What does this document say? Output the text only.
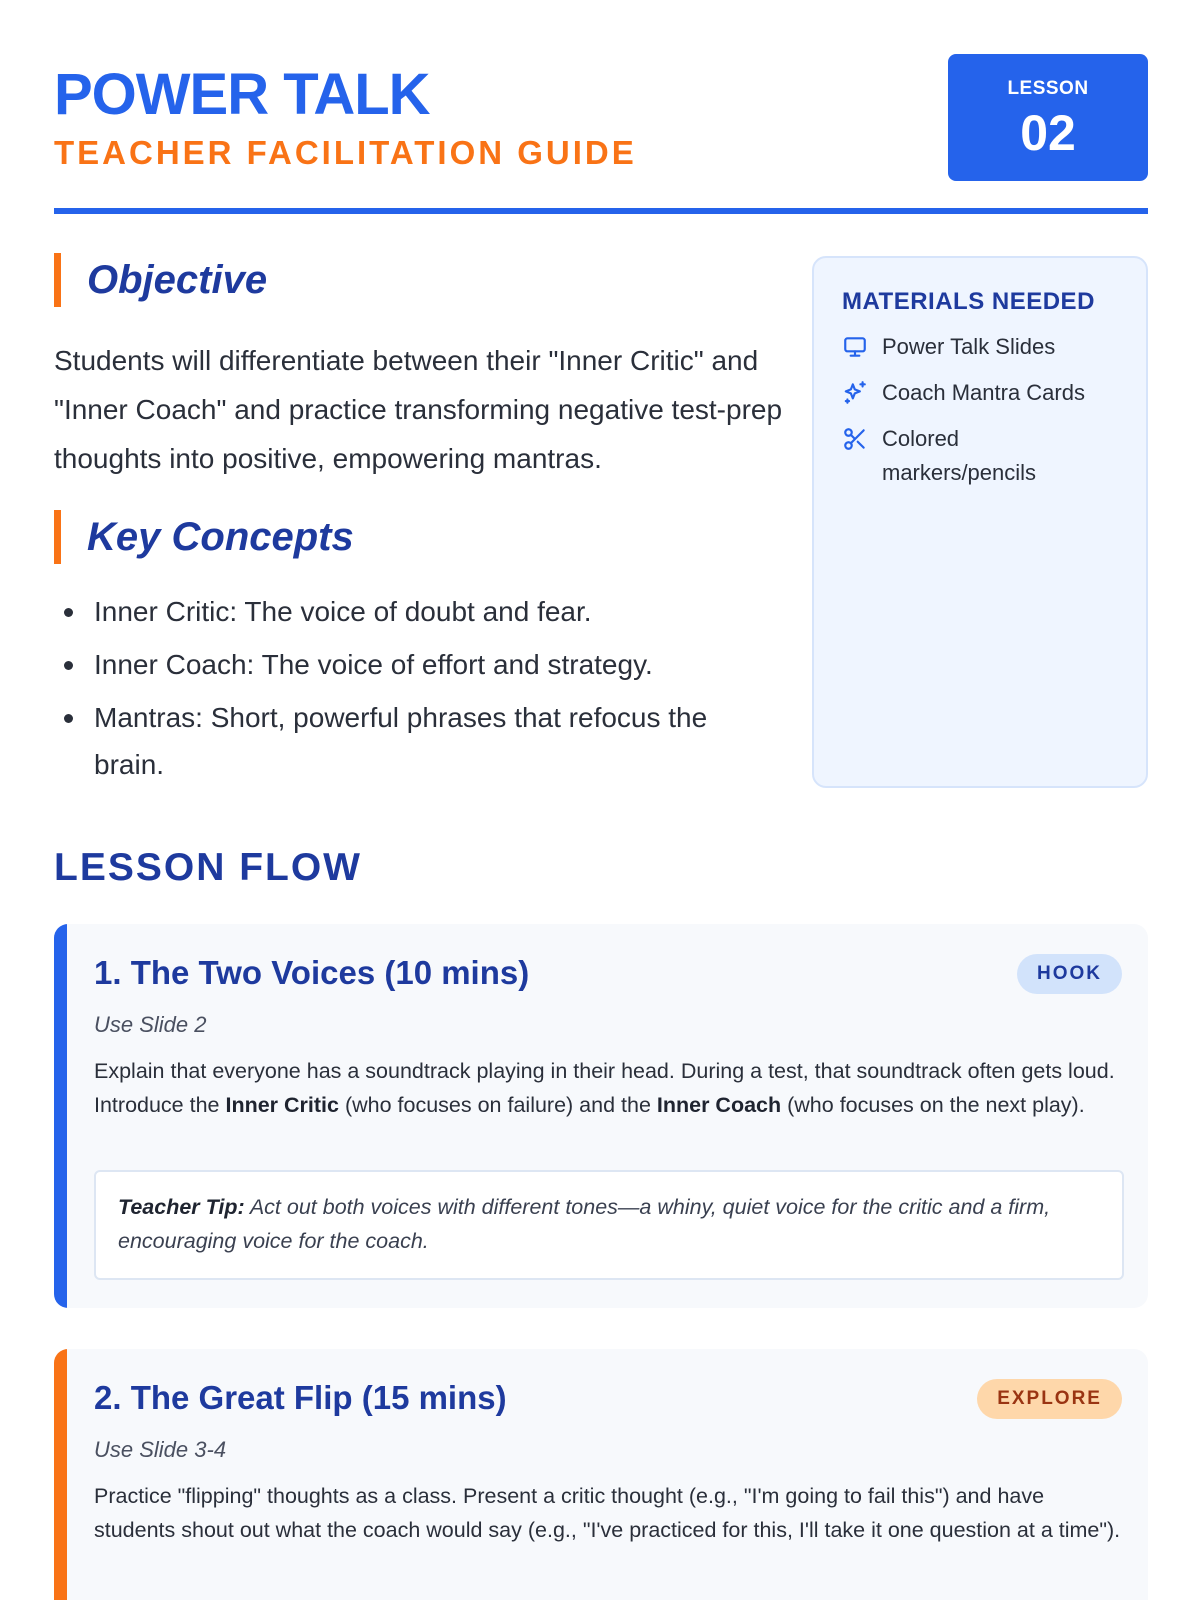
POWER TALK
TEACHER FACILITATION GUIDE
LESSON
02
Objective

Students will differentiate between their "Inner Critic" and "Inner Coach" and practice transforming negative test-prep thoughts into positive, empowering mantras.

Key Concepts
Inner Critic: The voice of doubt and fear.
Inner Coach: The voice of effort and strategy.
Mantras: Short, powerful phrases that refocus the brain.
MATERIALS NEEDED
Power Talk Slides
Coach Mantra Cards
Colored markers/pencils
LESSON FLOW
1. The Two Voices (10 mins)	HOOK
Use Slide 2

Explain that everyone has a soundtrack playing in their head. During a test, that soundtrack often gets loud. Introduce the Inner Critic (who focuses on failure) and the Inner Coach (who focuses on the next play).

Teacher Tip: Act out both voices with different tones—a whiny, quiet voice for the critic and a firm, encouraging voice for the coach.
2. The Great Flip (15 mins)	EXPLORE
Use Slide 3-4

Practice "flipping" thoughts as a class. Present a critic thought (e.g., "I'm going to fail this") and have students shout out what the coach would say (e.g., "I've practiced for this, I'll take it one question at a time").
